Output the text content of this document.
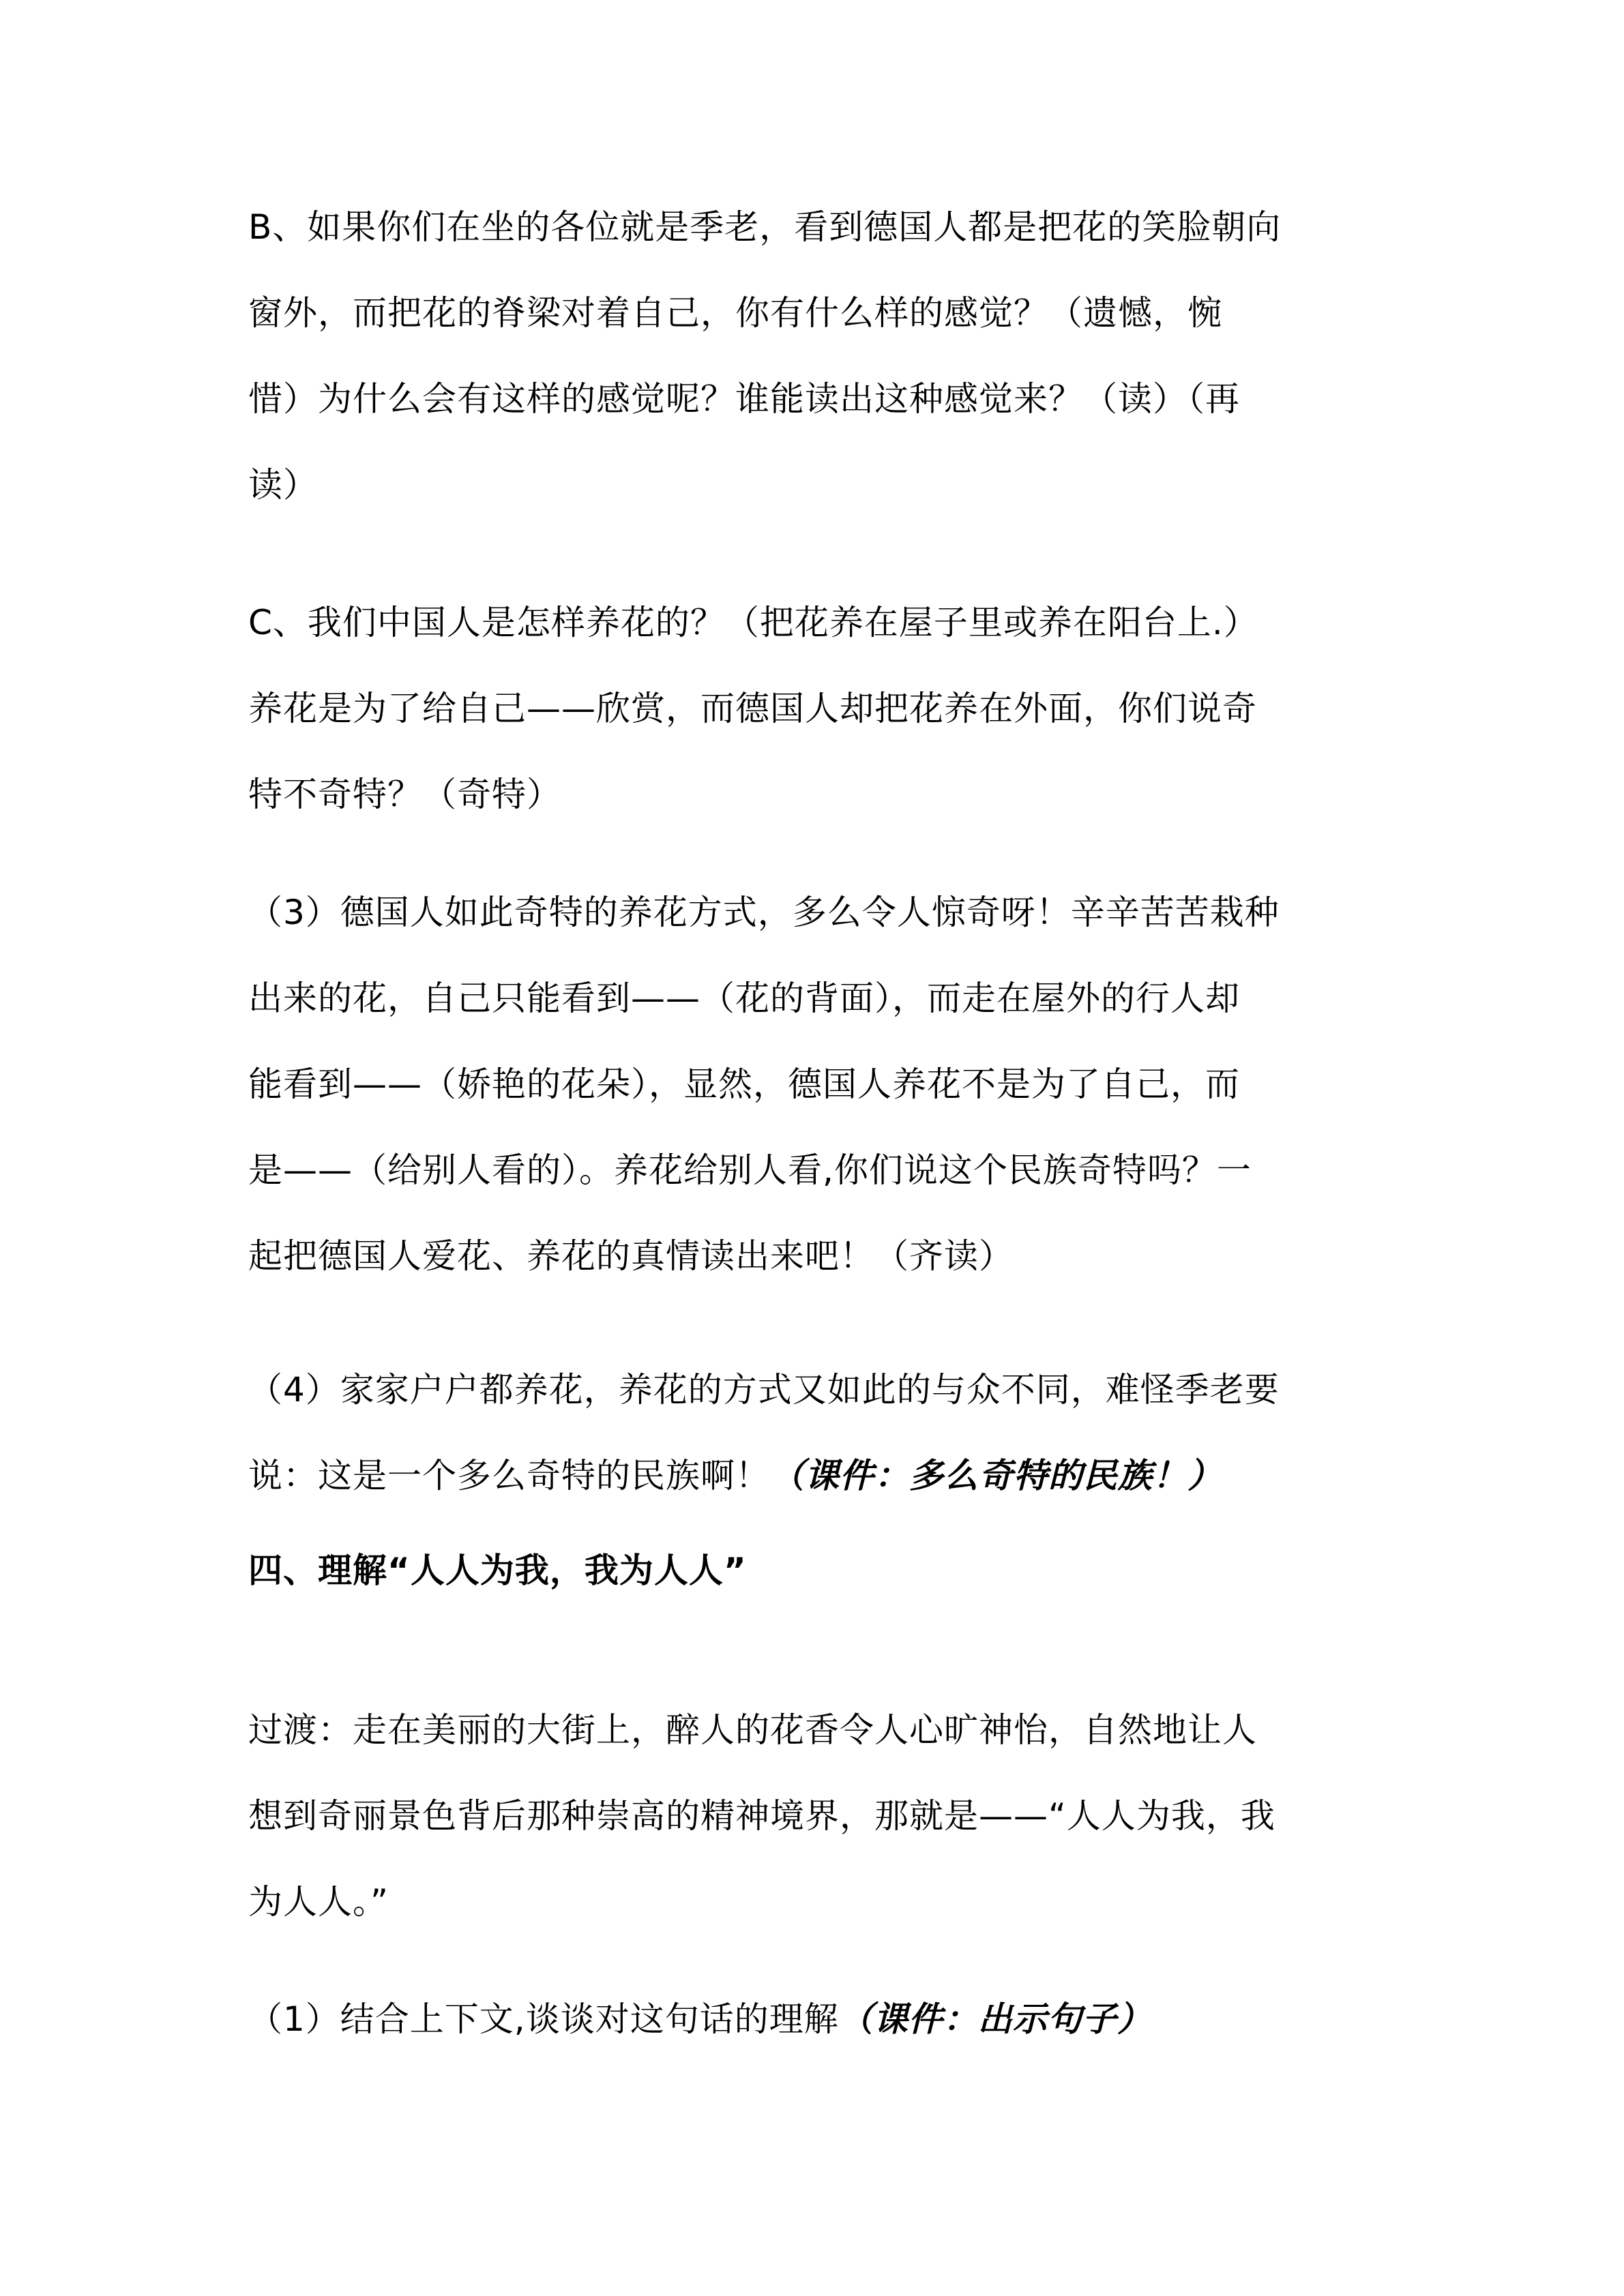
B、如果你们在坐的各位就是季老，看到德国人都是把花的笑脸朝向
窗外，而把花的脊梁对着自己，你有什么样的感觉？（遗憾，惋
惜）为什么会有这样的感觉呢？谁能读出这种感觉来？（读）（再
读）
C、我们中国人是怎样养花的？（把花养在屋子里或养在阳台上.）
养花是为了给自己——欣赏，而德国人却把花养在外面，你们说奇
特不奇特？（奇特）
（3）德国人如此奇特的养花方式，多么令人惊奇呀！辛辛苦苦栽种
出来的花，自己只能看到——（花的背面），而走在屋外的行人却
能看到——（娇艳的花朵），显然，德国人养花不是为了自己，而
是——（给别人看的）。养花给别人看,你们说这个民族奇特吗？一
起把德国人爱花、养花的真情读出来吧！（齐读）
（4）家家户户都养花，养花的方式又如此的与众不同，难怪季老要
说：这是一个多么奇特的民族啊！（课件：多么奇特的民族！）
四、理解“人人为我，我为人人”
过渡：走在美丽的大街上，醉人的花香令人心旷神怡，自然地让人
想到奇丽景色背后那种崇高的精神境界，那就是——“人人为我，我
为人人。”
（1）结合上下文,谈谈对这句话的理解（课件：出示句子）
